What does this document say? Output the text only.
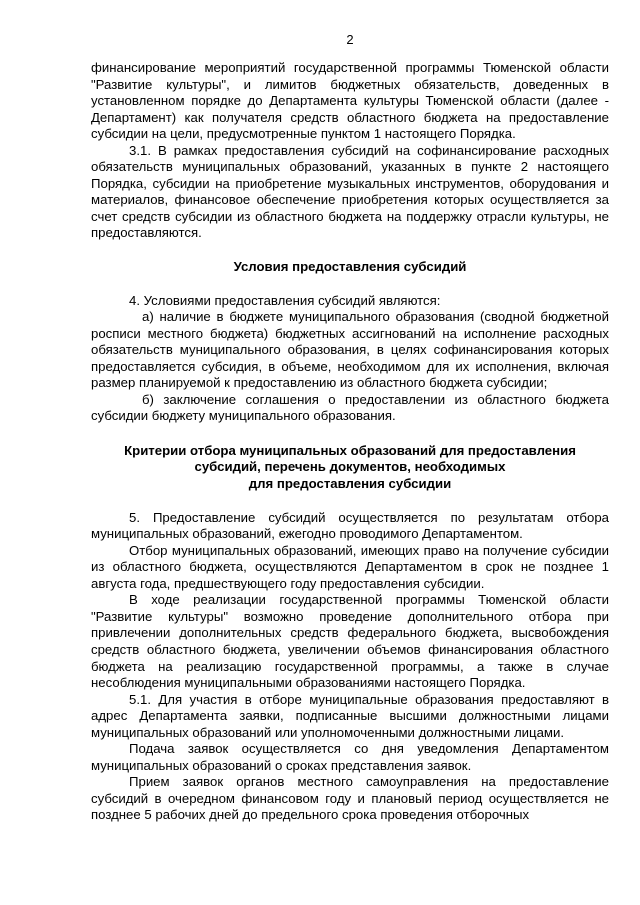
2

финансирование мероприятий государственной программы Тюменской области "Развитие культуры", и лимитов бюджетных обязательств, доведенных в установленном порядке до Департамента культуры Тюменской области (далее - Департамент) как получателя средств областного бюджета на предоставление субсидии на цели, предусмотренные пунктом 1 настоящего Порядка.

3.1. В рамках предоставления субсидий на софинансирование расходных обязательств муниципальных образований, указанных в пункте 2 настоящего Порядка, субсидии на приобретение музыкальных инструментов, оборудования и материалов, финансовое обеспечение приобретения которых осуществляется за счет средств субсидии из областного бюджета на поддержку отрасли культуры, не предоставляются.

Условия предоставления субсидий

4. Условиями предоставления субсидий являются:

а) наличие в бюджете муниципального образования (сводной бюджетной росписи местного бюджета) бюджетных ассигнований на исполнение расходных обязательств муниципального образования, в целях софинансирования которых предоставляется субсидия, в объеме, необходимом для их исполнения, включая размер планируемой к предоставлению из областного бюджета субсидии;

б) заключение соглашения о предоставлении из областного бюджета субсидии бюджету муниципального образования.

Критерии отбора муниципальных образований для предоставления
субсидий, перечень документов, необходимых
для предоставления субсидии

5. Предоставление субсидий осуществляется по результатам отбора муниципальных образований, ежегодно проводимого Департаментом.

Отбор муниципальных образований, имеющих право на получение субсидии из областного бюджета, осуществляются Департаментом в срок не позднее 1 августа года, предшествующего году предоставления субсидии.

В ходе реализации государственной программы Тюменской области "Развитие культуры" возможно проведение дополнительного отбора при привлечении дополнительных средств федерального бюджета, высвобождения средств областного бюджета, увеличении объемов финансирования областного бюджета на реализацию государственной программы, а также в случае несоблюдения муниципальными образованиями настоящего Порядка.

5.1. Для участия в отборе муниципальные образования предоставляют в адрес Департамента заявки, подписанные высшими должностными лицами муниципальных образований или уполномоченными должностными лицами.

Подача заявок осуществляется со дня уведомления Департаментом муниципальных образований о сроках представления заявок.

Прием заявок органов местного самоуправления на предоставление субсидий в очередном финансовом году и плановый период осуществляется не позднее 5 рабочих дней до предельного срока проведения отборочных
